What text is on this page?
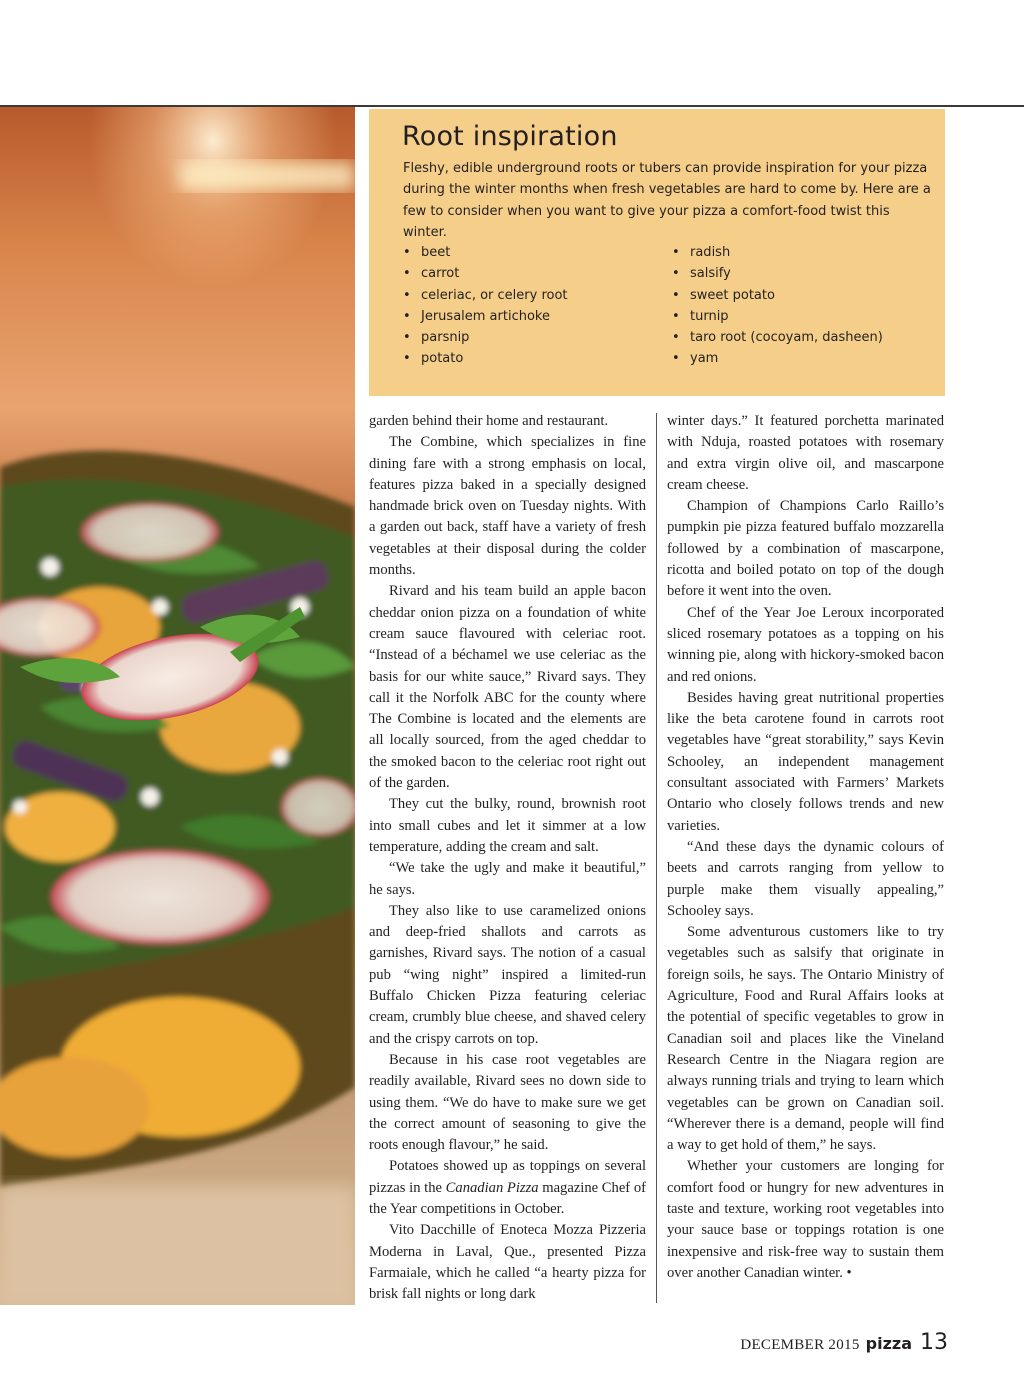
Root inspiration

Fleshy, edible underground roots or tubers can provide inspiration for your pizza during the winter months when fresh vegetables are hard to come by. Here are a few to consider when you want to give your pizza a comfort-food twist this winter.

• beet
• carrot
• celeriac, or celery root
• Jerusalem artichoke
• parsnip
• potato
• radish
• salsify
• sweet potato
• turnip
• taro root (cocoyam, dasheen)
• yam

garden behind their home and restaurant.

The Combine, which specializes in fine dining fare with a strong emphasis on local, features pizza baked in a specially designed handmade brick oven on Tuesday nights. With a garden out back, staff have a variety of fresh vegetables at their disposal during the colder months.

Rivard and his team build an apple bacon cheddar onion pizza on a foundation of white cream sauce flavoured with celeriac root. “Instead of a béchamel we use celeriac as the basis for our white sauce,” Rivard says. They call it the Norfolk ABC for the county where The Combine is located and the elements are all locally sourced, from the aged cheddar to the smoked bacon to the celeriac root right out of the garden.

They cut the bulky, round, brownish root into small cubes and let it simmer at a low temperature, adding the cream and salt.

“We take the ugly and make it beautiful,” he says.

They also like to use caramelized onions and deep-fried shallots and carrots as garnishes, Rivard says. The notion of a casual pub “wing night” inspired a limited-run Buffalo Chicken Pizza featuring celeriac cream, crumbly blue cheese, and shaved celery and the crispy carrots on top.

Because in his case root vegetables are readily available, Rivard sees no down side to using them. “We do have to make sure we get the correct amount of seasoning to give the roots enough flavour,” he said.

Potatoes showed up as toppings on several pizzas in the Canadian Pizza magazine Chef of the Year competitions in October.

Vito Dacchille of Enoteca Mozza Pizzeria Moderna in Laval, Que., presented Pizza Farmaiale, which he called “a hearty pizza for brisk fall nights or long dark

winter days.” It featured porchetta marinated with Nduja, roasted potatoes with rosemary and extra virgin olive oil, and mascarpone cream cheese.

Champion of Champions Carlo Raillo’s pumpkin pie pizza featured buffalo mozzarella followed by a combination of mascarpone, ricotta and boiled potato on top of the dough before it went into the oven.

Chef of the Year Joe Leroux incorporated sliced rosemary potatoes as a topping on his winning pie, along with hickory-smoked bacon and red onions.

Besides having great nutritional properties like the beta carotene found in carrots root vegetables have “great storability,” says Kevin Schooley, an independent management consultant associated with Farmers’ Markets Ontario who closely follows trends and new varieties.

“And these days the dynamic colours of beets and carrots ranging from yellow to purple make them visually appealing,” Schooley says.

Some adventurous customers like to try vegetables such as salsify that originate in foreign soils, he says. The Ontario Ministry of Agriculture, Food and Rural Affairs looks at the potential of specific vegetables to grow in Canadian soil and places like the Vineland Research Centre in the Niagara region are always running trials and trying to learn which vegetables can be grown on Canadian soil. “Wherever there is a demand, people will find a way to get hold of them,” he says.

Whether your customers are longing for comfort food or hungry for new adventures in taste and texture, working root vegetables into your sauce base or toppings rotation is one inexpensive and risk-free way to sustain them over another Canadian winter. •

DECEMBER 2015 pizza 13
